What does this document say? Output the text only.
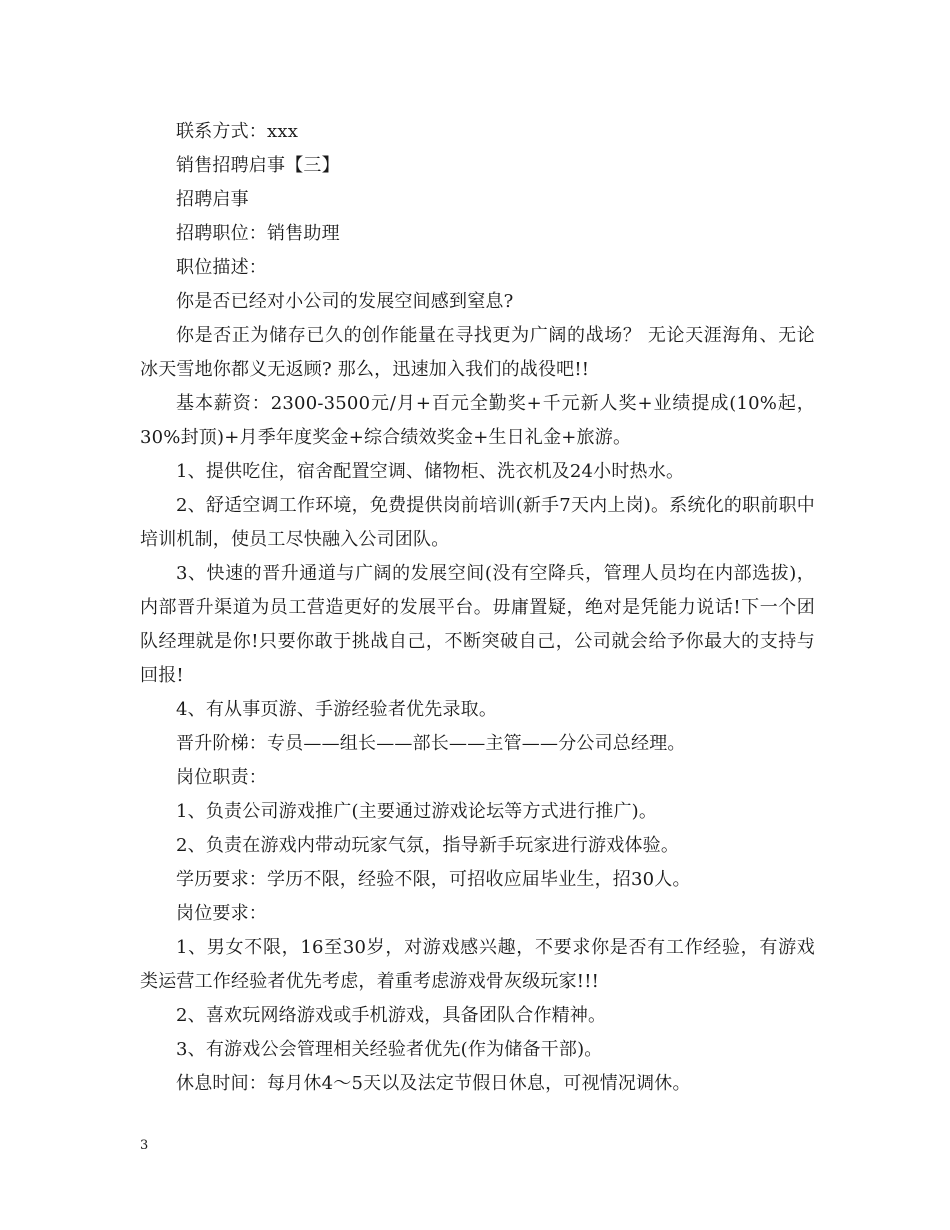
联系方式：xxx

销售招聘启事【三】

招聘启事

招聘职位：销售助理

职位描述：

你是否已经对小公司的发展空间感到窒息?

你是否正为储存已久的创作能量在寻找更为广阔的战场？ 无论天涯海角、无论冰天雪地你都义无返顾? 那么，迅速加入我们的战役吧!!

基本薪资：2300-3500元/月+百元全勤奖+千元新人奖+业绩提成(10%起，30%封顶)+月季年度奖金+综合绩效奖金+生日礼金+旅游。

1、提供吃住，宿舍配置空调、储物柜、洗衣机及24小时热水。

2、舒适空调工作环境，免费提供岗前培训(新手7天内上岗)。系统化的职前职中培训机制，使员工尽快融入公司团队。

3、快速的晋升通道与广阔的发展空间(没有空降兵，管理人员均在内部选拔)，内部晋升渠道为员工营造更好的发展平台。毋庸置疑，绝对是凭能力说话!下一个团队经理就是你!只要你敢于挑战自己，不断突破自己，公司就会给予你最大的支持与回报!

4、有从事页游、手游经验者优先录取。

晋升阶梯：专员——组长——部长——主管——分公司总经理。

岗位职责：

1、负责公司游戏推广(主要通过游戏论坛等方式进行推广)。

2、负责在游戏内带动玩家气氛，指导新手玩家进行游戏体验。

学历要求：学历不限，经验不限，可招收应届毕业生，招30人。

岗位要求：

1、男女不限，16至30岁，对游戏感兴趣，不要求你是否有工作经验，有游戏类运营工作经验者优先考虑，着重考虑游戏骨灰级玩家!!!

2、喜欢玩网络游戏或手机游戏，具备团队合作精神。

3、有游戏公会管理相关经验者优先(作为储备干部)。

休息时间：每月休4～5天以及法定节假日休息，可视情况调休。

3
